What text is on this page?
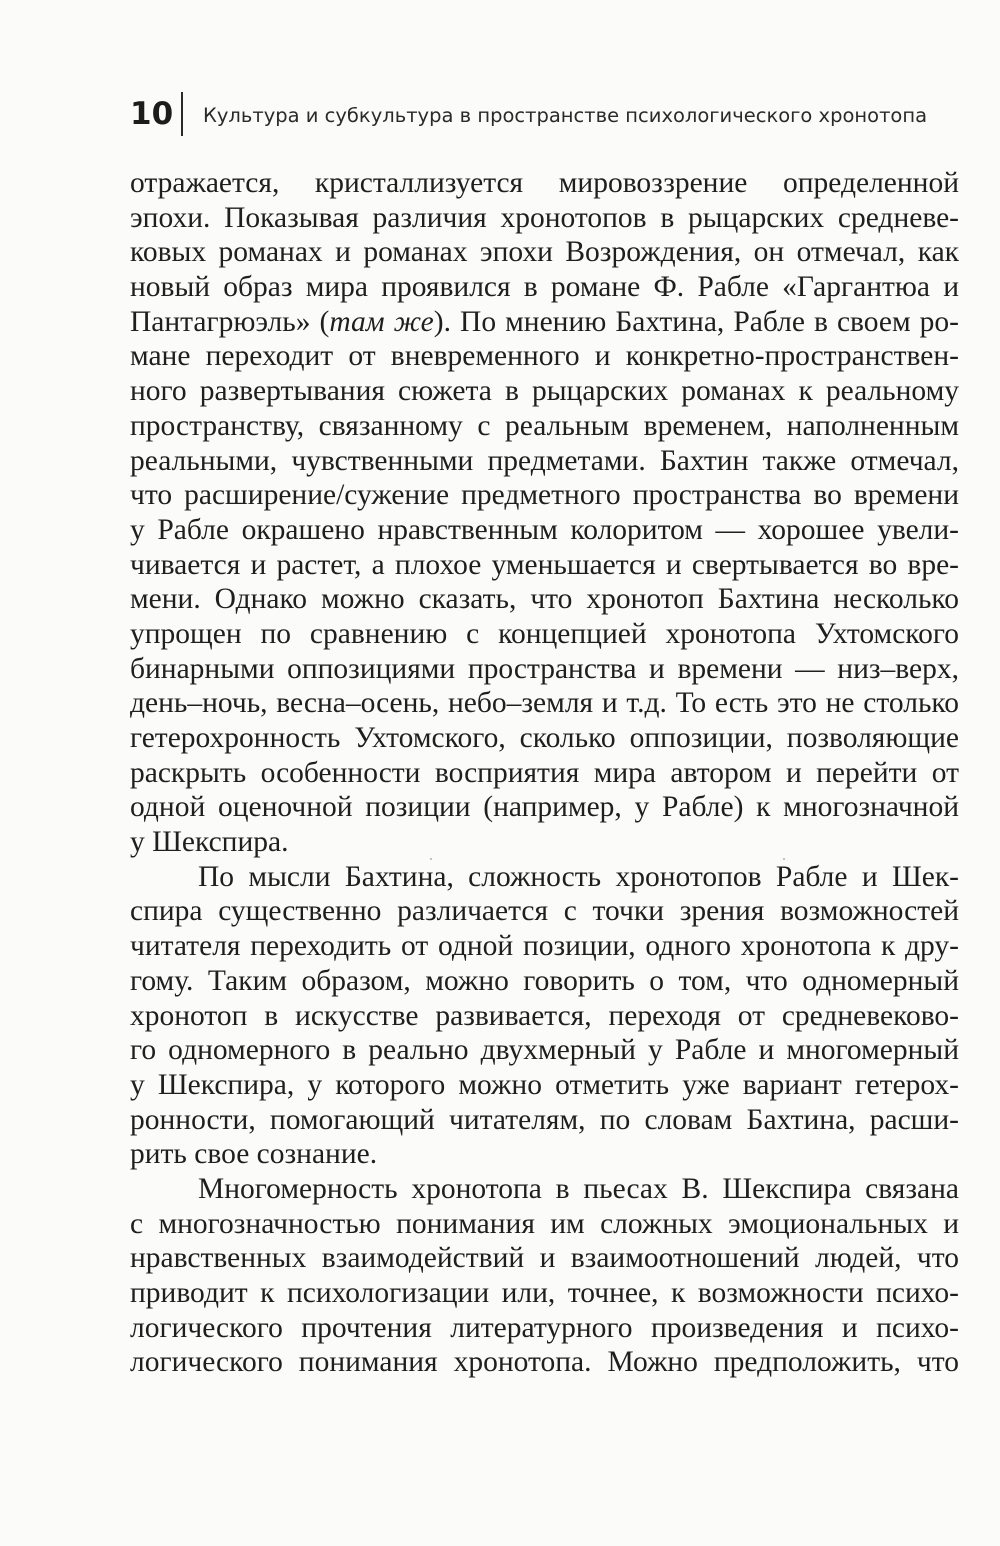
10 Культура и субкультура в пространстве психологического хронотопа
отражается, кристаллизуется мировоззрение определенной
эпохи. Показывая различия хронотопов в рыцарских средневе-
ковых романах и романах эпохи Возрождения, он отмечал, как
новый образ мира проявился в романе Ф. Рабле «Гаргантюа и
Пантагрюэль» (там же). По мнению Бахтина, Рабле в своем ро-
мане переходит от вневременного и конкретно-пространствен-
ного развертывания сюжета в рыцарских романах к реальному
пространству, связанному с реальным временем, наполненным
реальными, чувственными предметами. Бахтин также отмечал,
что расширение/сужение предметного пространства во времени
у Рабле окрашено нравственным колоритом — хорошее увели-
чивается и растет, а плохое уменьшается и свертывается во вре-
мени. Однако можно сказать, что хронотоп Бахтина несколько
упрощен по сравнению с концепцией хронотопа Ухтомского
бинарными оппозициями пространства и времени — низ–верх,
день–ночь, весна–осень, небо–земля и т.д. То есть это не столько
гетерохронность Ухтомского, сколько оппозиции, позволяющие
раскрыть особенности восприятия мира автором и перейти от
одной оценочной позиции (например, у Рабле) к многозначной
у Шекспира.
По мысли Бахтина, сложность хронотопов Рабле и Шек-
спира существенно различается с точки зрения возможностей
читателя переходить от одной позиции, одного хронотопа к дру-
гому. Таким образом, можно говорить о том, что одномерный
хронотоп в искусстве развивается, переходя от средневеково-
го одномерного в реально двухмерный у Рабле и многомерный
у Шекспира, у которого можно отметить уже вариант гетерох-
ронности, помогающий читателям, по словам Бахтина, расши-
рить свое сознание.
Многомерность хронотопа в пьесах В. Шекспира связана
с многозначностью понимания им сложных эмоциональных и
нравственных взаимодействий и взаимоотношений людей, что
приводит к психологизации или, точнее, к возможности психо-
логического прочтения литературного произведения и психо-
логического понимания хронотопа. Можно предположить, что
